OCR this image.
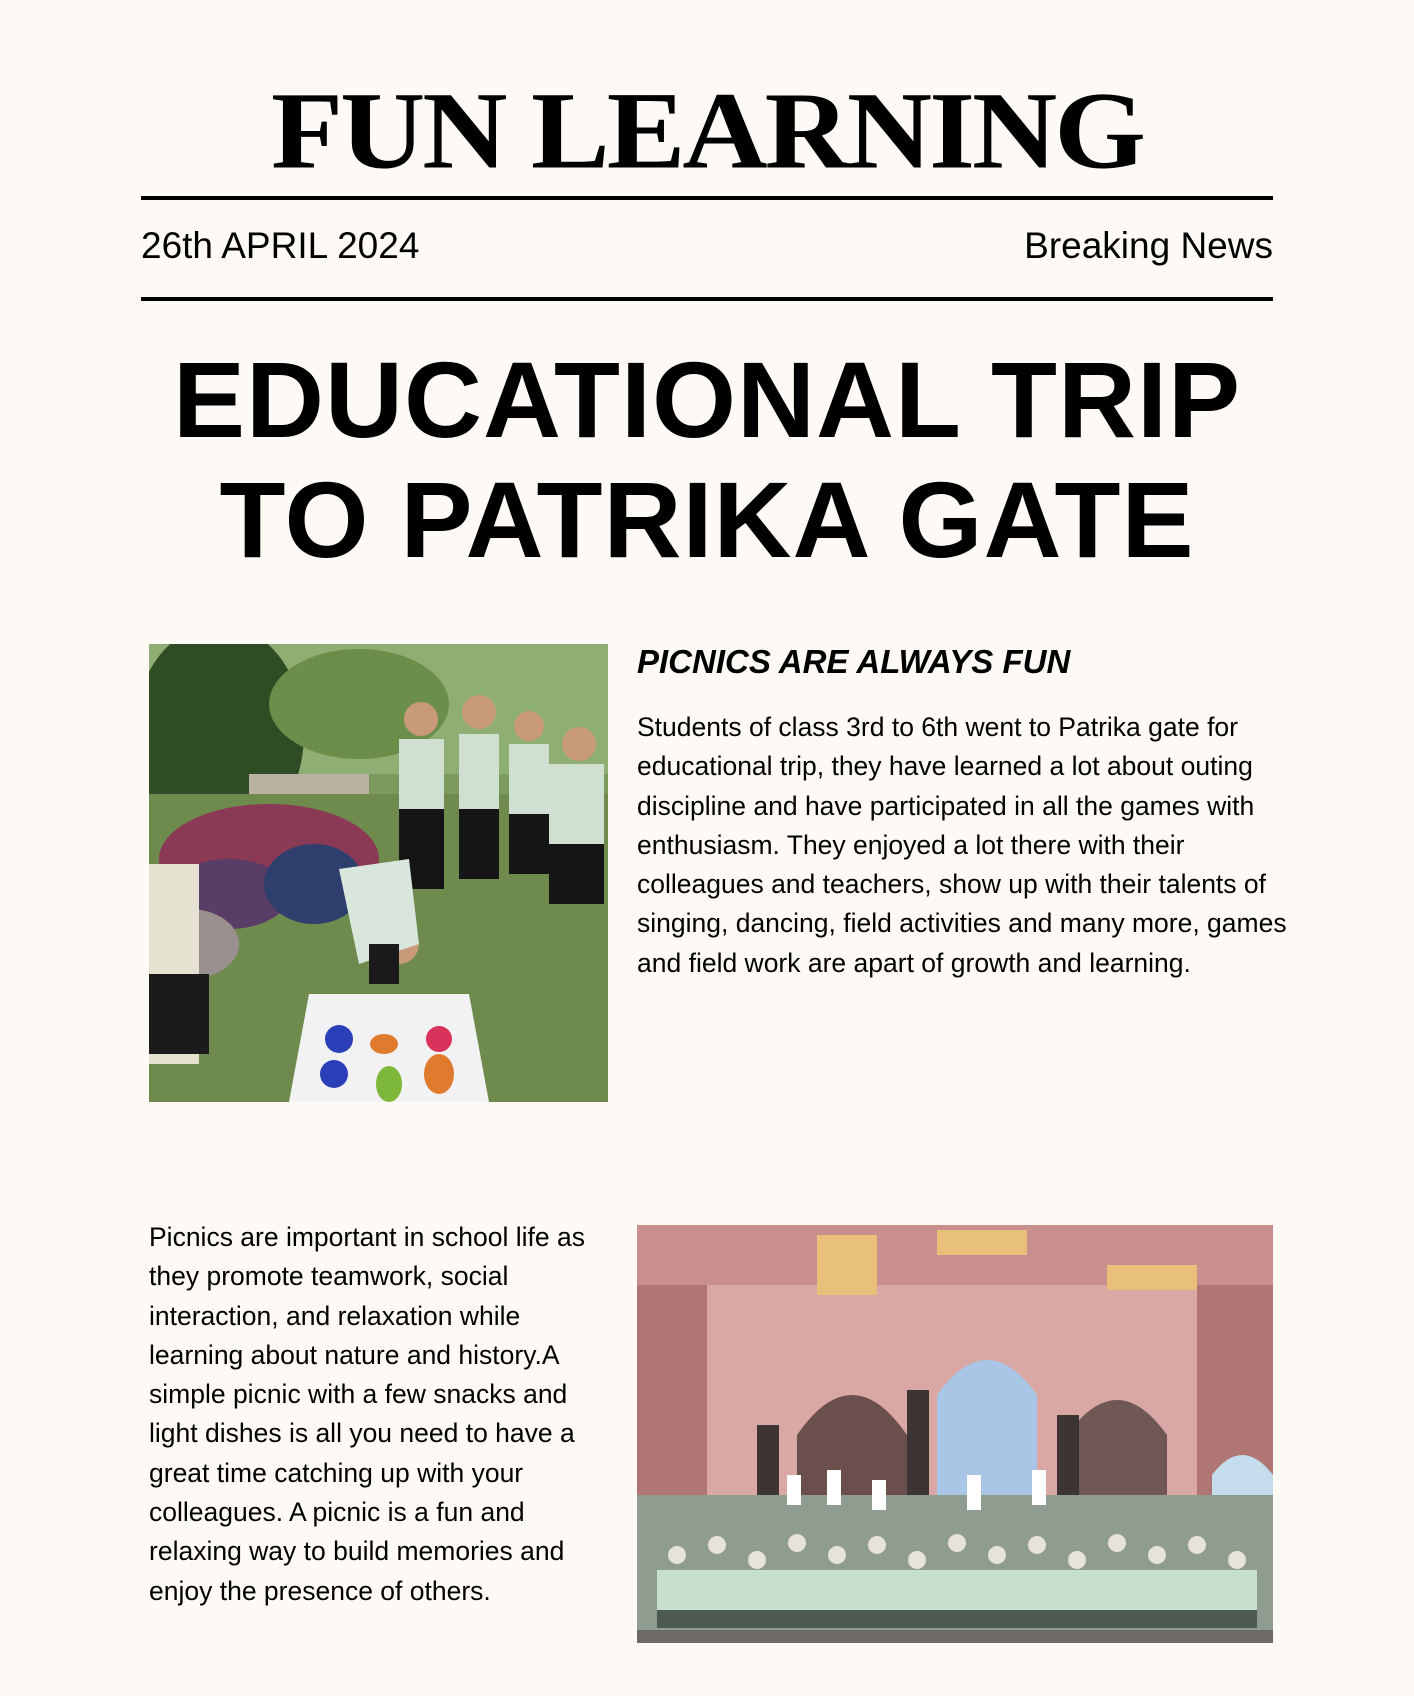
FUN LEARNING
26th APRIL 2024	Breaking News
EDUCATIONAL TRIP
TO PATRIKA GATE
PICNICS ARE ALWAYS FUN

Students of class 3rd to 6th went to Patrika gate for educational trip, they have learned a lot about outing discipline and have participated in all the games with enthusiasm. They enjoyed a lot there with their colleagues and teachers, show up with their talents of singing, dancing, field activities and many more, games and field work are apart of growth and learning.

Picnics are important in school life as they promote teamwork, social interaction, and relaxation while learning about nature and history.A simple picnic with a few snacks and light dishes is all you need to have a great time catching up with your colleagues. A picnic is a fun and relaxing way to build memories and enjoy the presence of others.
